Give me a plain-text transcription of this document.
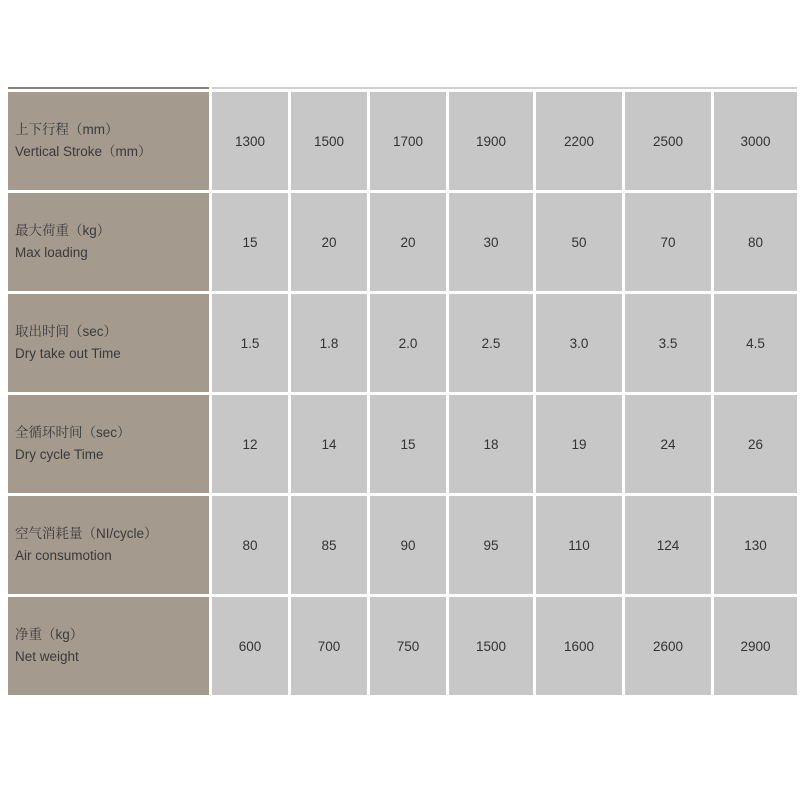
上下行程（mm）
Vertical Stroke（mm）
1300	1500	1700	1900	2200	2500	3000
最大荷重（kg）
Max loading
15	20	20	30	50	70	80
取出时间（sec）
Dry take out Time
1.5	1.8	2.0	2.5	3.0	3.5	4.5
全循环时间（sec）
Dry cycle Time
12	14	15	18	19	24	26
空气消耗量（NI/cycle）
Air consumotion
80	85	90	95	110	124	130
净重（kg）
Net weight
600	700	750	1500	1600	2600	2900
